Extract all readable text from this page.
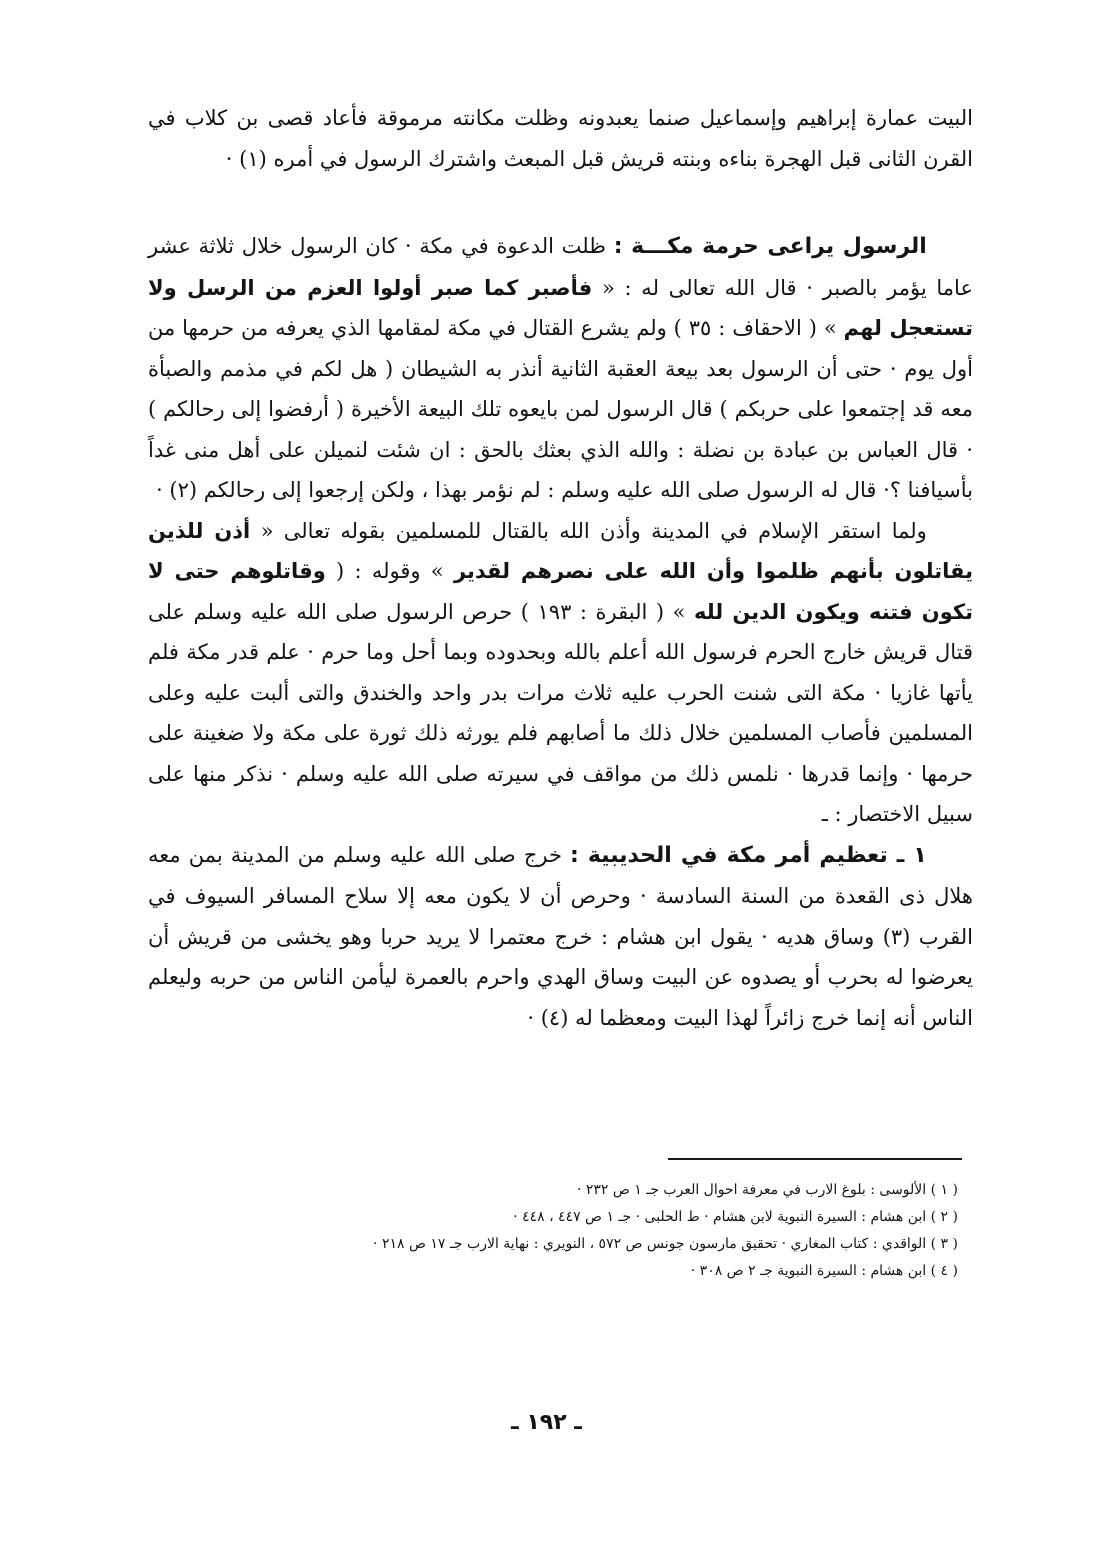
البيت عمارة إبراهيم وإسماعيل صنما يعبدونه وظلت مكانته مرموقة فأعاد قصى بن كلاب في القرن الثانى قبل الهجرة بناءه وبنته قريش قبل المبعث واشترك الرسول في أمره (١) ·

الرسول يراعى حرمة مكـــة : ظلت الدعوة في مكة · كان الرسول خلال ثلاثة عشر عاما يؤمر بالصبر · قال الله تعالى له : « فأصبر كما صبر أولوا العزم من الرسل ولا تستعجل لهم » ( الاحقاف : ٣٥ ) ولم يشرع القتال في مكة لمقامها الذي يعرفه من حرمها من أول يوم · حتى أن الرسول بعد بيعة العقبة الثانية أنذر به الشيطان ( هل لكم في مذمم والصبأة معه قد إجتمعوا على حربكم ) قال الرسول لمن بايعوه تلك البيعة الأخيرة ( أرفضوا إلى رحالكم ) · قال العباس بن عبادة بن نضلة : والله الذي بعثك بالحق : ان شئت لنميلن على أهل منى غداً بأسيافنا ؟· قال له الرسول صلى الله عليه وسلم : لم نؤمر بهذا ، ولكن إرجعوا إلى رحالكم (٢) ·

ولما استقر الإسلام في المدينة وأذن الله بالقتال للمسلمين بقوله تعالى « أذن للذين يقاتلون بأنهم ظلموا وأن الله على نصرهم لقدير » وقوله : ( وقاتلوهم حتى لا تكون فتنه ويكون الدين لله » ( البقرة : ١٩٣ ) حرص الرسول صلى الله عليه وسلم على قتال قريش خارج الحرم فرسول الله أعلم بالله وبحدوده وبما أحل وما حرم · علم قدر مكة فلم يأتها غازيا · مكة التى شنت الحرب عليه ثلاث مرات بدر واحد والخندق والتى ألبت عليه وعلى المسلمين فأصاب المسلمين خلال ذلك ما أصابهم فلم يورثه ذلك ثورة على مكة ولا ضغينة على حرمها · وإنما قدرها · نلمس ذلك من مواقف في سيرته صلى الله عليه وسلم · نذكر منها على سبيل الاختصار : ـ

١ ـ تعظيم أمر مكة في الحديبية : خرج صلى الله عليه وسلم من المدينة بمن معه هلال ذى القعدة من السنة السادسة · وحرص أن لا يكون معه إلا سلاح المسافر السيوف في القرب (٣) وساق هديه · يقول ابن هشام : خرج معتمرا لا يريد حربا وهو يخشى من قريش أن يعرضوا له بحرب أو يصدوه عن البيت وساق الهدي واحرم بالعمرة ليأمن الناس من حربه وليعلم الناس أنه إنما خرج زائراً لهذا البيت ومعظما له (٤) ·

( ١ ) الألوسى : بلوغ الارب في معرفة احوال العرب جـ ١ ص ٢٣٢ ·
( ٢ ) ابن هشام : السيرة النبوية لابن هشام · ط الحلبى · جـ ١ ص ٤٤٧ ، ٤٤٨ ·
( ٣ ) الواقدي : كتاب المغاري · تحقيق مارسون جونس ص ٥٧٢ ، النويري : نهاية الارب جـ ١٧ ص ٢١٨ ·
( ٤ ) ابن هشام : السيرة النبوية جـ ٢ ص ٣٠٨ ·
ـ ١٩٢ ـ
